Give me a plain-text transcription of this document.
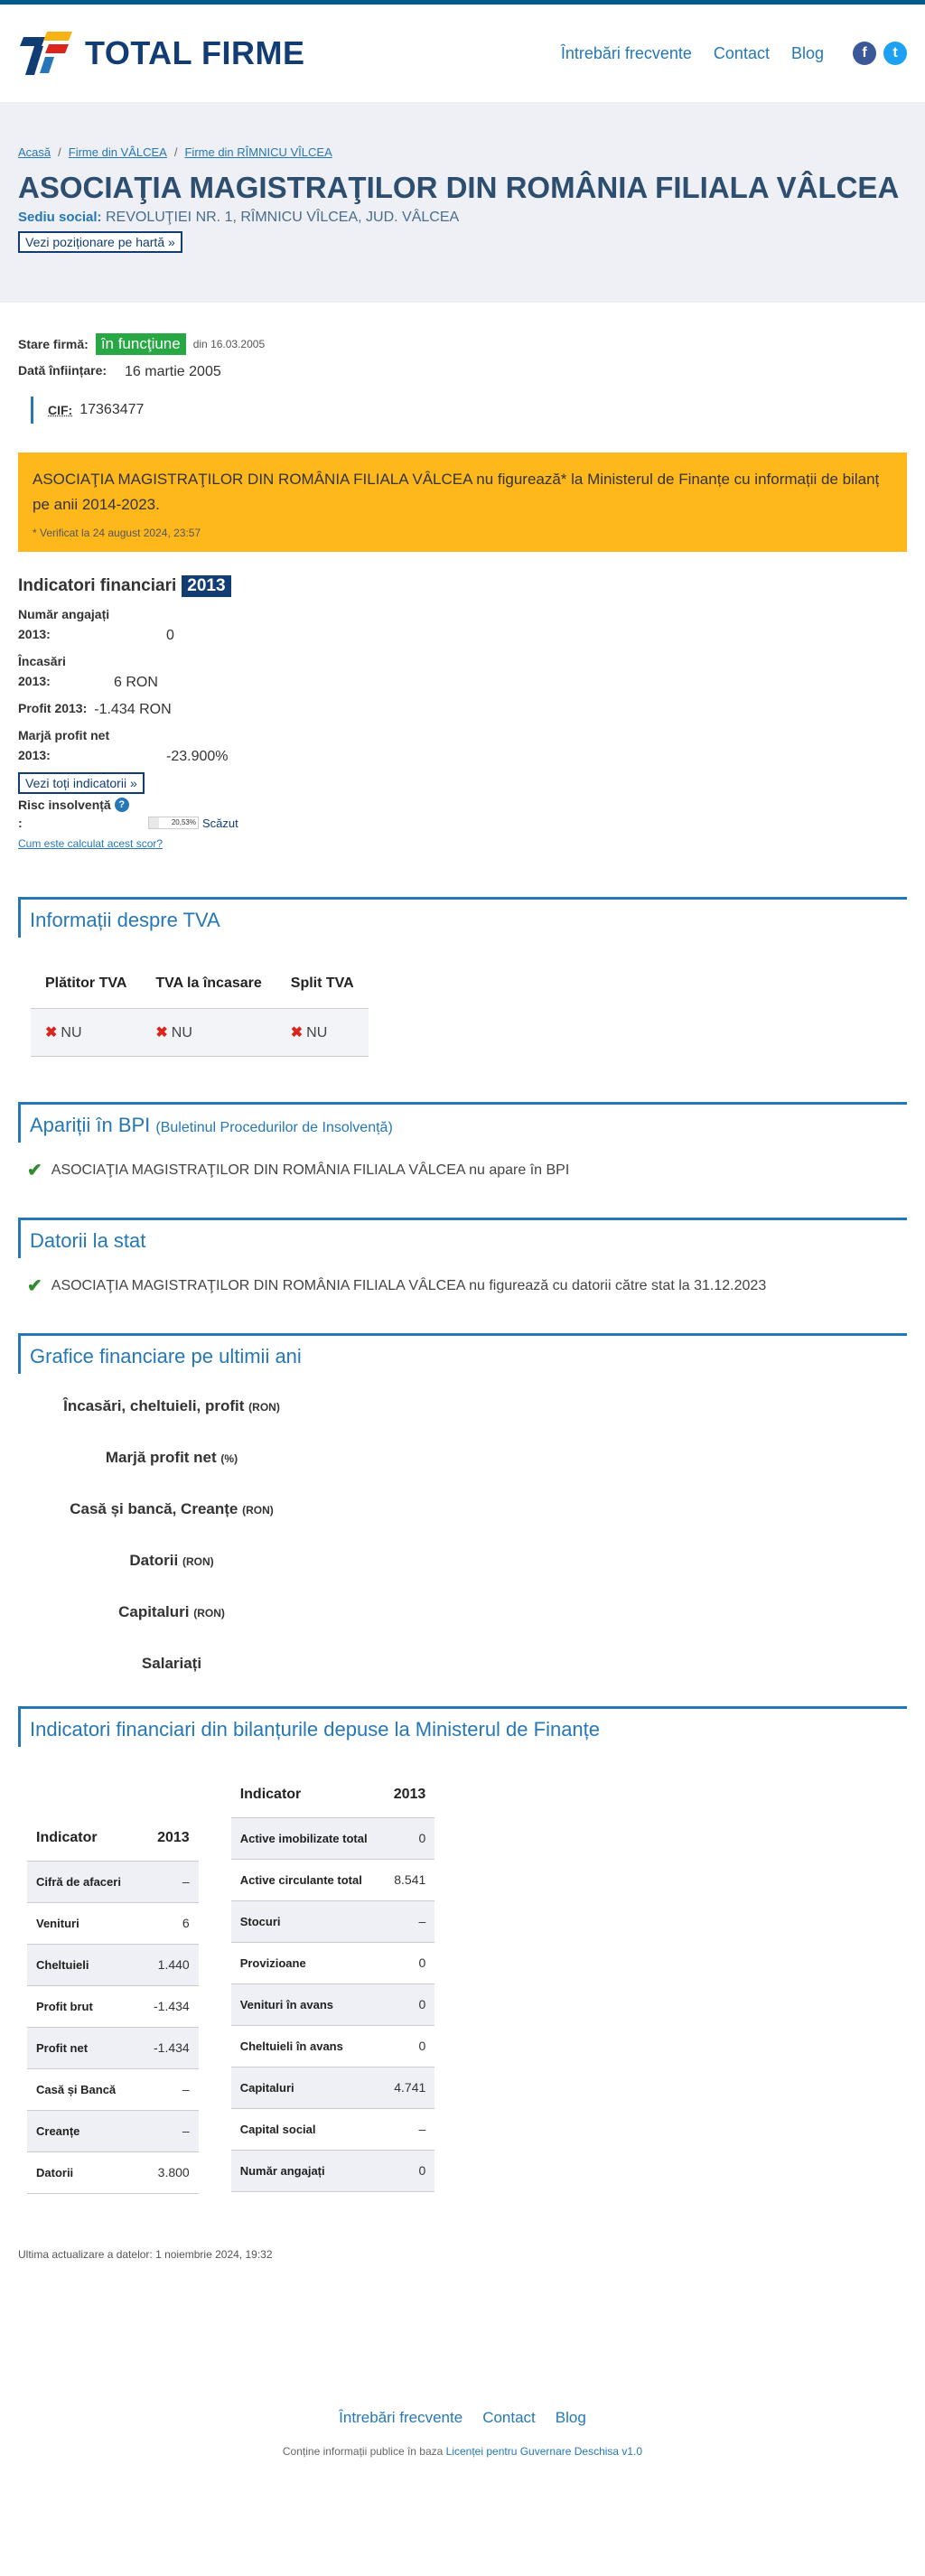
TOTAL FIRME	Întrebări frecvente Contact Blog	f	t
Acasă / Firme din VÂLCEA / Firme din RÎMNICU VÎLCEA
ASOCIAŢIA MAGISTRAŢILOR DIN ROMÂNIA FILIALA VÂLCEA
Sediu social: REVOLUŢIEI NR. 1, RÎMNICU VÎLCEA, JUD. VÂLCEA
Vezi poziționare pe hartă »
Stare firmă: în funcţiune	din 16.03.2005
Dată înființare: 16 martie 2005
CIF: 17363477

ASOCIAŢIA MAGISTRAŢILOR DIN ROMÂNIA FILIALA VÂLCEA nu figurează* la Ministerul de Finanțe cu informații de bilanț pe anii 2014-2023.

* Verificat la 24 august 2024, 23:57
Indicatori financiari 2013
Număr angajați 2013:	0
Încasări 2013:	6 RON
Profit 2013: -1.434 RON
Marjă profit net 2013:	-23.900%
Vezi toți indicatorii »
Risc insolvență ?
:	20,53% Scăzut
Cum este calculat acest scor?
Informații despre TVA
Plătitor TVA	TVA la încasare	Split TVA
✖ NU	✖ NU	✖ NU
Apariții în BPI (Buletinul Procedurilor de Insolvență)
✔ ASOCIAŢIA MAGISTRAŢILOR DIN ROMÂNIA FILIALA VÂLCEA nu apare în BPI
Datorii la stat
✔ ASOCIAŢIA MAGISTRAŢILOR DIN ROMÂNIA FILIALA VÂLCEA nu figurează cu datorii către stat la 31.12.2023
Grafice financiare pe ultimii ani
Încasări, cheltuieli, profit (RON)
Marjă profit net (%)
Casă și bancă, Creanțe (RON)
Datorii (RON)
Capitaluri (RON)
Salariați
Indicatori financiari din bilanțurile depuse la Ministerul de Finanțe
Indicator	2013
Cifră de afaceri	–
Venituri	6
Cheltuieli	1.440
Profit brut	-1.434
Profit net	-1.434
Casă și Bancă	–
Creanțe	–
Datorii	3.800
Indicator	2013
Active imobilizate total	0
Active circulante total	8.541
Stocuri	–
Provizioane	0
Venituri în avans	0
Cheltuieli în avans	0
Capitaluri	4.741
Capital social	–
Număr angajați	0
Ultima actualizare a datelor: 1 noiembrie 2024, 19:32
Întrebări frecvente Contact Blog
Conține informații publice în baza Licenței pentru Guvernare Deschisa v1.0
